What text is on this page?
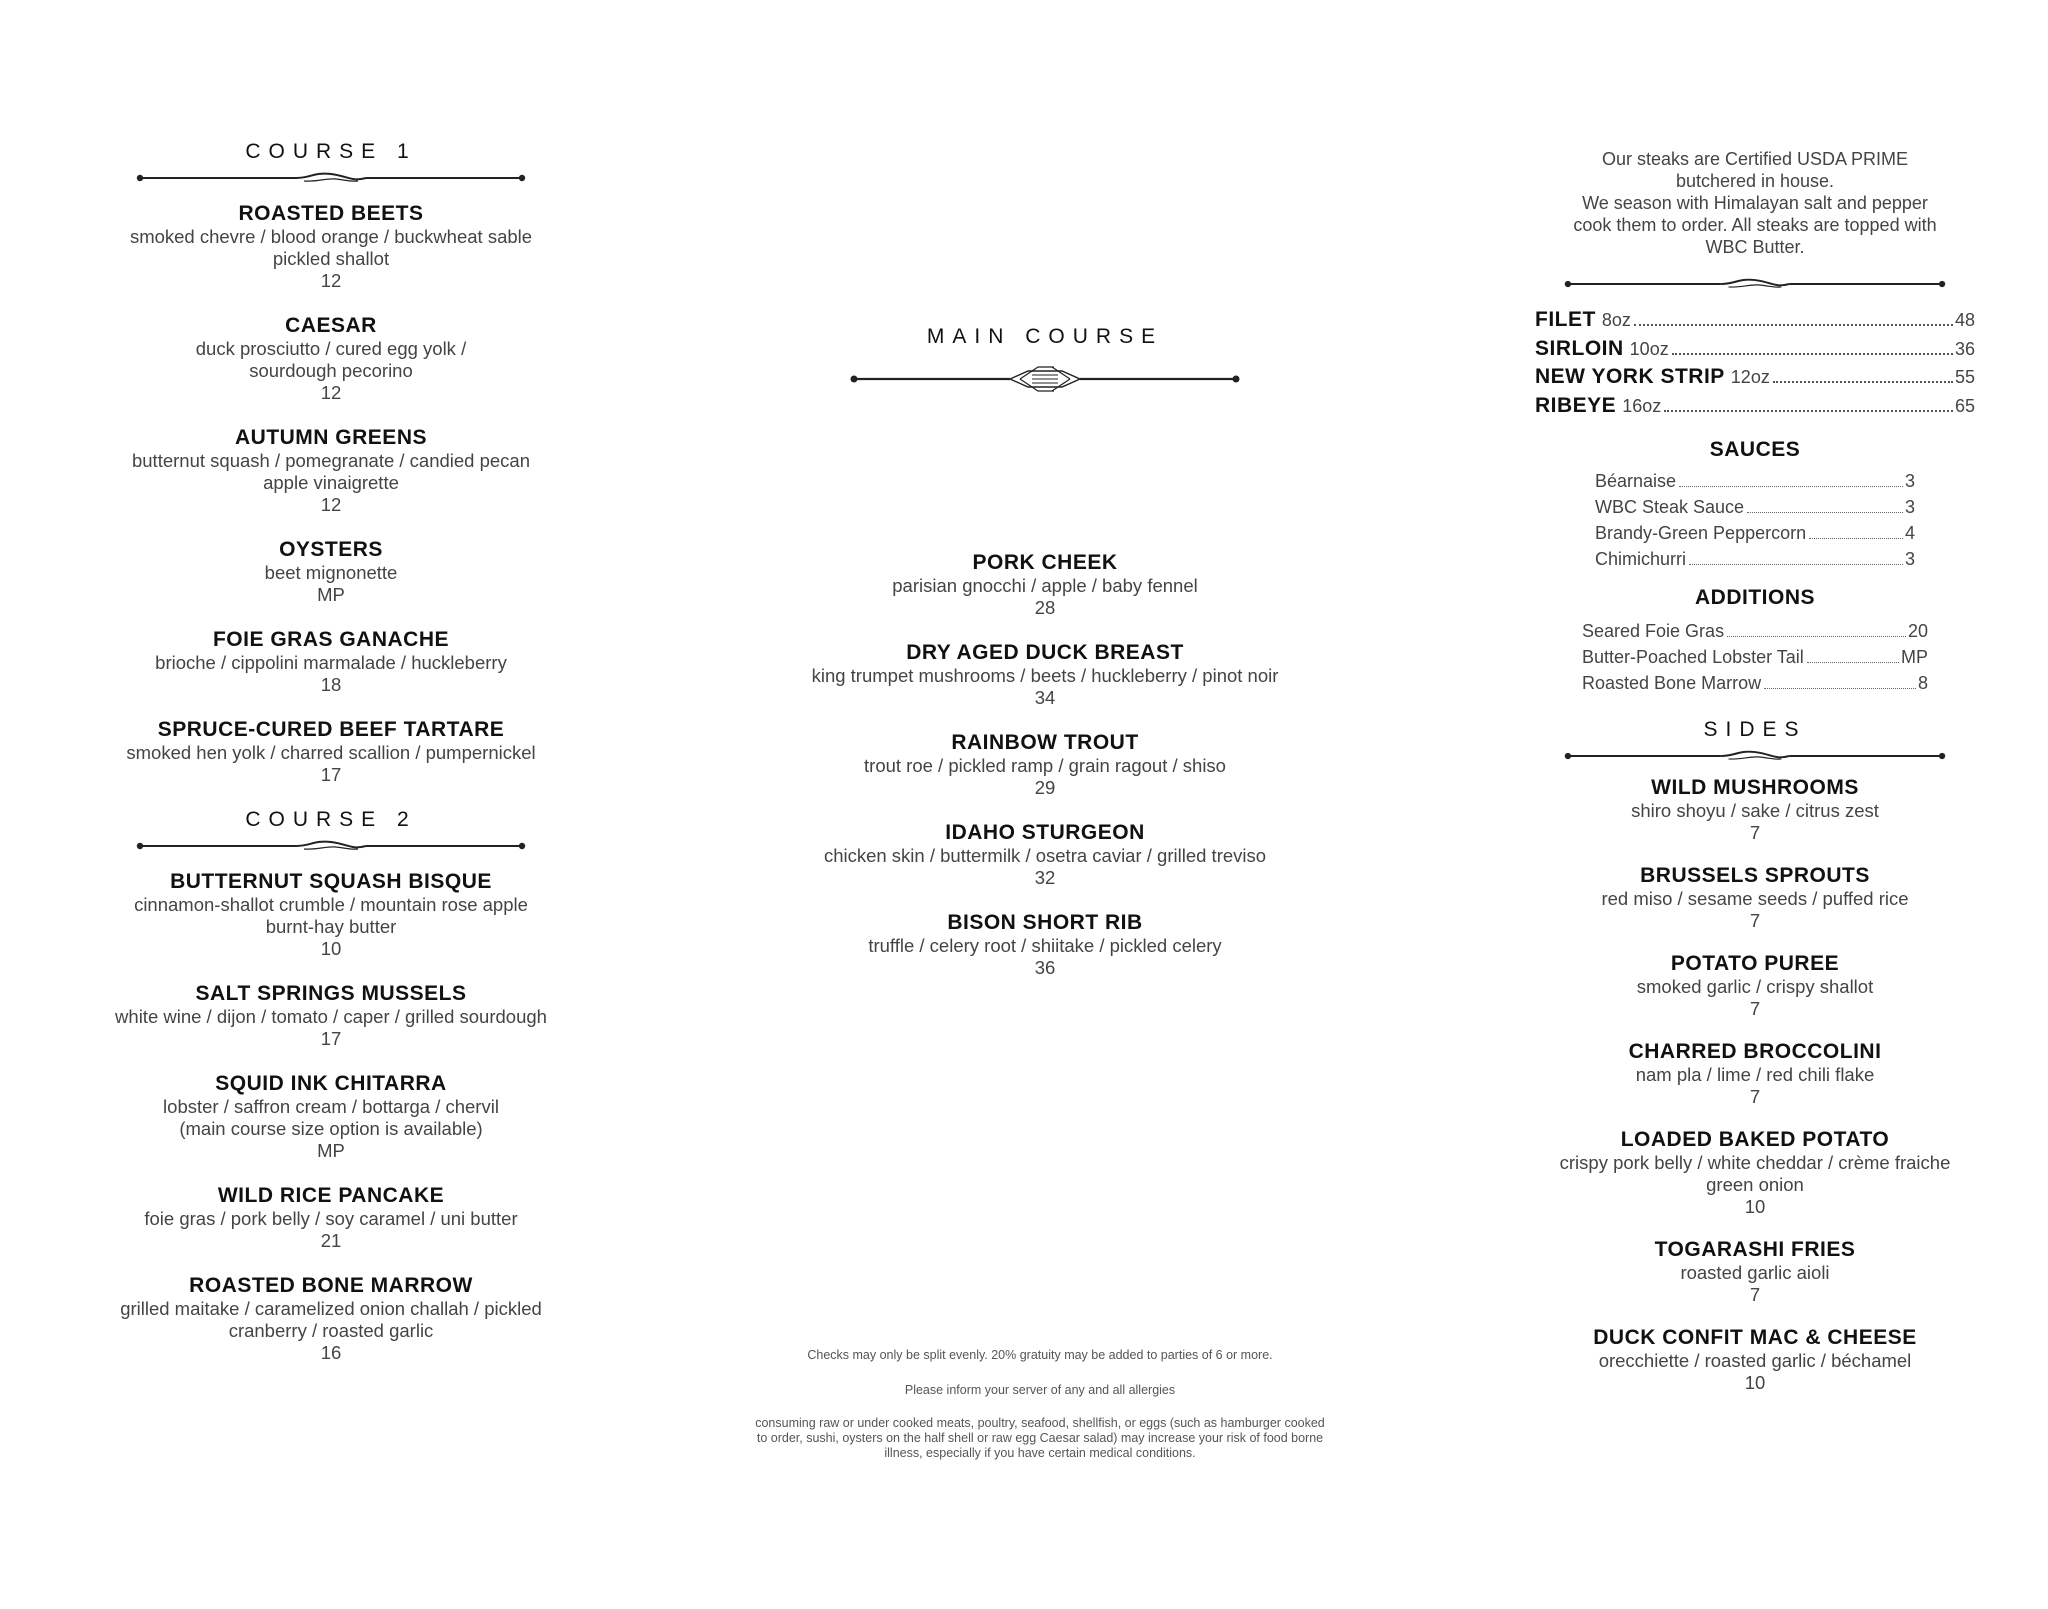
COURSE 1
ROASTED BEETS
smoked chevre / blood orange / buckwheat sable
pickled shallot
12
CAESAR
duck prosciutto / cured egg yolk /
sourdough pecorino
12
AUTUMN GREENS
butternut squash / pomegranate / candied pecan
apple vinaigrette
12
OYSTERS
beet mignonette
MP
FOIE GRAS GANACHE
brioche / cippolini marmalade / huckleberry
18
SPRUCE-CURED BEEF TARTARE
smoked hen yolk / charred scallion / pumpernickel
17
COURSE 2
BUTTERNUT SQUASH BISQUE
cinnamon-shallot crumble / mountain rose apple
burnt-hay butter
10
SALT SPRINGS MUSSELS
white wine / dijon / tomato / caper / grilled sourdough
17
SQUID INK CHITARRA
lobster / saffron cream / bottarga / chervil
(main course size option is available)
MP
WILD RICE PANCAKE
foie gras / pork belly / soy caramel / uni butter
21
ROASTED BONE MARROW
grilled maitake / caramelized onion challah / pickled
cranberry / roasted garlic
16
MAIN COURSE
PORK CHEEK
parisian gnocchi / apple / baby fennel
28
DRY AGED DUCK BREAST
king trumpet mushrooms / beets / huckleberry / pinot noir
34
RAINBOW TROUT
trout roe / pickled ramp / grain ragout / shiso
29
IDAHO STURGEON
chicken skin / buttermilk / osetra caviar / grilled treviso
32
BISON SHORT RIB
truffle / celery root / shiitake / pickled celery
36
Checks may only be split evenly. 20% gratuity may be added to parties of 6 or more.
Please inform your server of any and all allergies
consuming raw or under cooked meats, poultry, seafood, shellfish, or eggs (such as hamburger cooked
to order, sushi, oysters on the half shell or raw egg Caesar salad) may increase your risk of food borne
illness, especially if you have certain medical conditions.
Our steaks are Certified USDA PRIME
butchered in house.
We season with Himalayan salt and pepper
cook them to order. All steaks are topped with
WBC Butter.
FILET 8oz	48
SIRLOIN 10oz	36
NEW YORK STRIP 12oz	55
RIBEYE 16oz	65
SAUCES
Béarnaise	3
WBC Steak Sauce	3
Brandy-Green Peppercorn	4
Chimichurri	3
ADDITIONS
Seared Foie Gras	20
Butter-Poached Lobster Tail	MP
Roasted Bone Marrow	8
SIDES
WILD MUSHROOMS
shiro shoyu / sake / citrus zest
7
BRUSSELS SPROUTS
red miso / sesame seeds / puffed rice
7
POTATO PUREE
smoked garlic / crispy shallot
7
CHARRED BROCCOLINI
nam pla / lime / red chili flake
7
LOADED BAKED POTATO
crispy pork belly / white cheddar / crème fraiche
green onion
10
TOGARASHI FRIES
roasted garlic aioli
7
DUCK CONFIT MAC & CHEESE
orecchiette / roasted garlic / béchamel
10
